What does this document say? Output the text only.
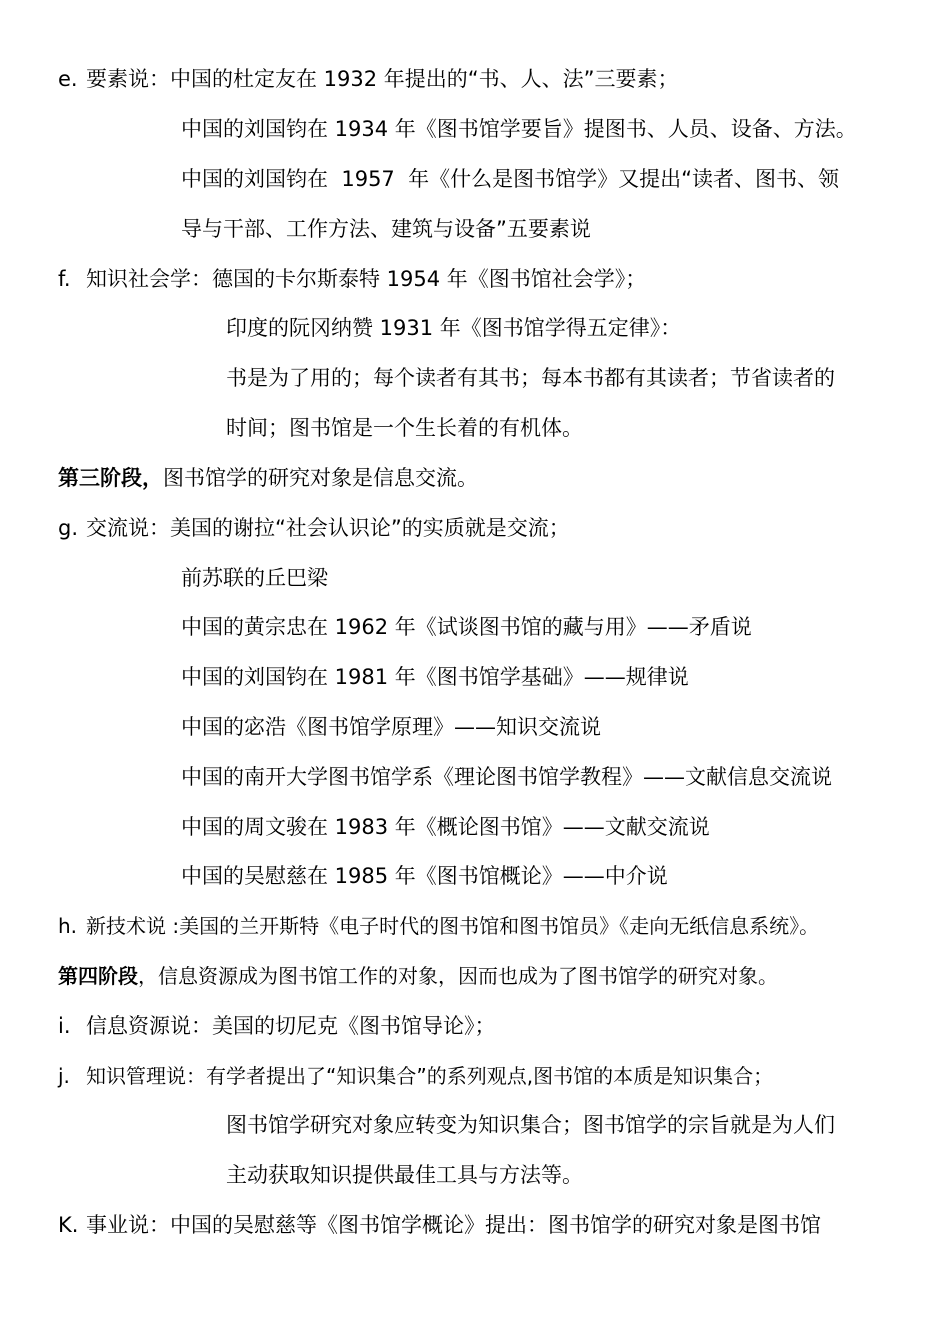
e. 要素说：中国的杜定友在 1932 年提出的“书、人、法”三要素；
中国的刘国钧在 1934 年《图书馆学要旨》提图书、人员、设备、方法。
中国的刘国钧在  1957  年《什么是图书馆学》又提出“读者、图书、领
导与干部、工作方法、建筑与设备”五要素说
f. 知识社会学：德国的卡尔斯泰特 1954 年《图书馆社会学》；
印度的阮冈纳赞 1931 年《图书馆学得五定律》：
书是为了用的；每个读者有其书；每本书都有其读者；节省读者的
时间；图书馆是一个生长着的有机体。
第三阶段，图书馆学的研究对象是信息交流。
g. 交流说：美国的谢拉“社会认识论”的实质就是交流；
前苏联的丘巴梁
中国的黄宗忠在 1962 年《试谈图书馆的藏与用》——矛盾说
中国的刘国钧在 1981 年《图书馆学基础》——规律说
中国的宓浩《图书馆学原理》——知识交流说
中国的南开大学图书馆学系《理论图书馆学教程》——文献信息交流说
中国的周文骏在 1983 年《概论图书馆》——文献交流说
中国的吴慰慈在 1985 年《图书馆概论》——中介说
h. 新技术说 :美国的兰开斯特《电子时代的图书馆和图书馆员》《走向无纸信息系统》。
第四阶段，信息资源成为图书馆工作的对象，因而也成为了图书馆学的研究对象。
i. 信息资源说：美国的切尼克《图书馆导论》；
j. 知识管理说：有学者提出了“知识集合”的系列观点,图书馆的本质是知识集合；
图书馆学研究对象应转变为知识集合；图书馆学的宗旨就是为人们
主动获取知识提供最佳工具与方法等。
K. 事业说：中国的吴慰慈等《图书馆学概论》提出：图书馆学的研究对象是图书馆
